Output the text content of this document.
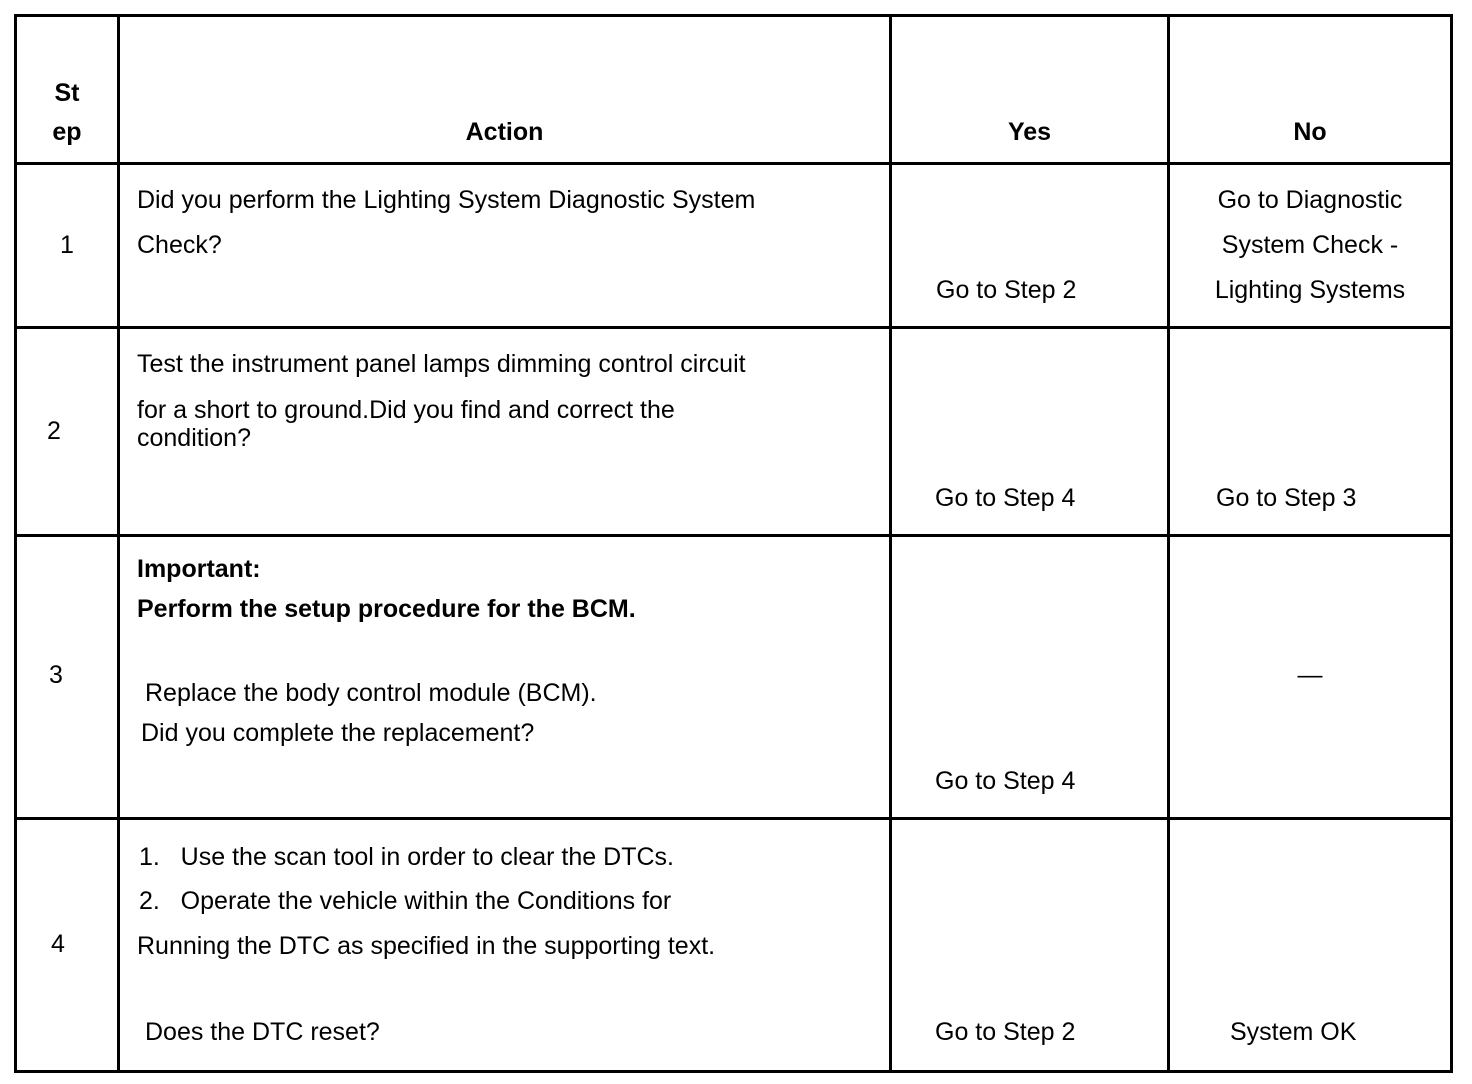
St
ep	Action	Yes	No

1	Did you perform the Lighting System Diagnostic System
Check?	Go to Step 2	Go to Diagnostic
System Check -
Lighting Systems

2	Test the instrument panel lamps dimming control circuit
for a short to ground.Did you find and correct the
condition?	Go to Step 4	Go to Step 3

3	Important:
Perform the setup procedure for the BCM.
Replace the body control module (BCM).
Did you complete the replacement?	Go to Step 4	—

4	1.   Use the scan tool in order to clear the DTCs.
2.   Operate the vehicle within the Conditions for
Running the DTC as specified in the supporting text.
Does the DTC reset?	Go to Step 2	System OK
